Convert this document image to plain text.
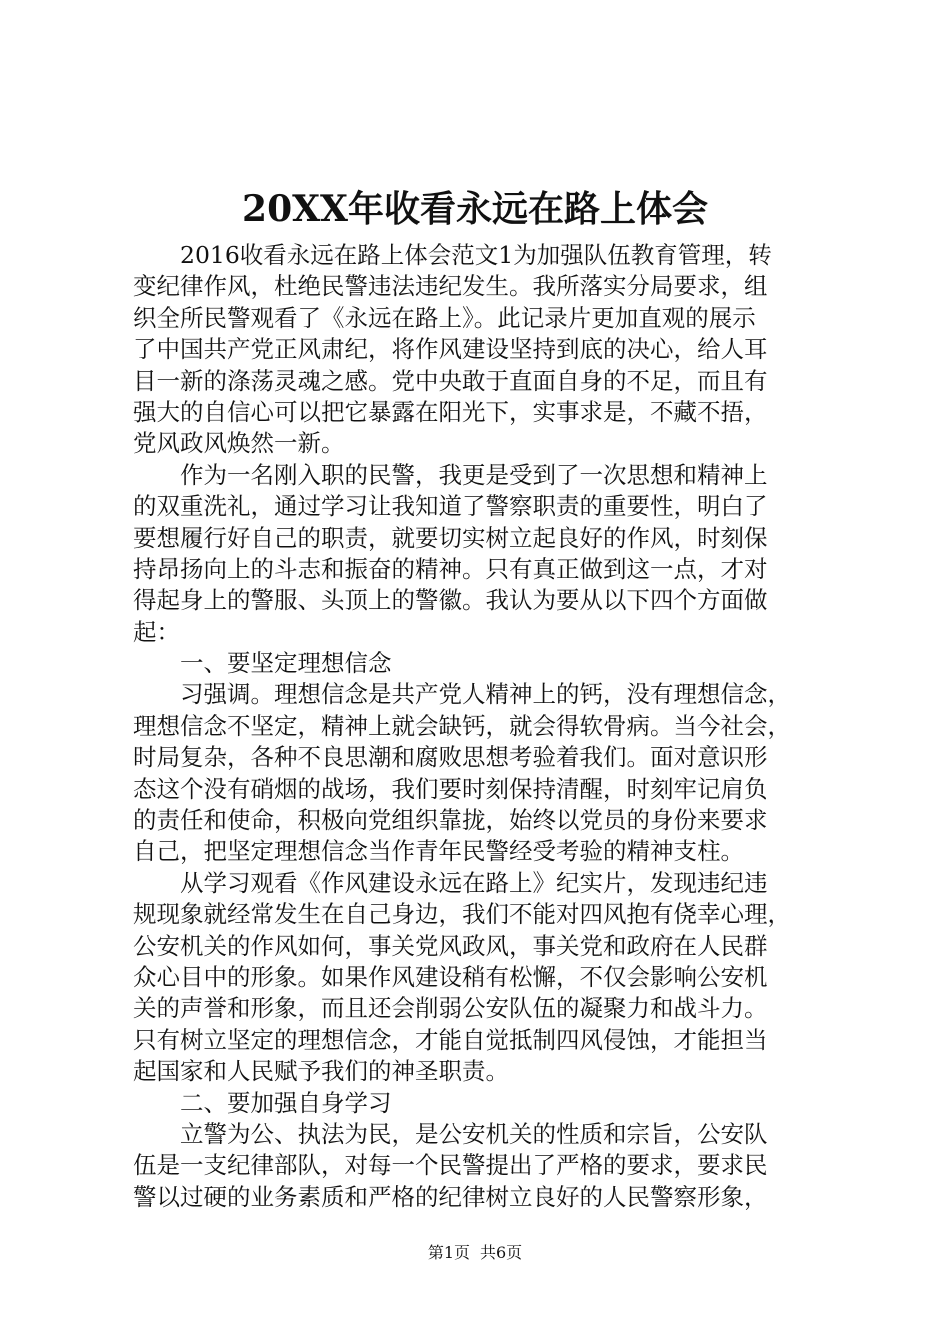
20XX年收看永远在路上体会
　　2016收看永远在路上体会范文1为加强队伍教育管理，转
变纪律作风，杜绝民警违法违纪发生。我所落实分局要求，组
织全所民警观看了《永远在路上》。此记录片更加直观的展示
了中国共产党正风肃纪，将作风建设坚持到底的决心，给人耳
目一新的涤荡灵魂之感。党中央敢于直面自身的不足，而且有
强大的自信心可以把它暴露在阳光下，实事求是，不藏不捂，
党风政风焕然一新。
　　作为一名刚入职的民警，我更是受到了一次思想和精神上
的双重洗礼，通过学习让我知道了警察职责的重要性，明白了
要想履行好自己的职责，就要切实树立起良好的作风，时刻保
持昂扬向上的斗志和振奋的精神。只有真正做到这一点，才对
得起身上的警服、头顶上的警徽。我认为要从以下四个方面做
起：
　　一、要坚定理想信念
　　习强调。理想信念是共产党人精神上的钙，没有理想信念，
理想信念不坚定，精神上就会缺钙，就会得软骨病。当今社会，
时局复杂，各种不良思潮和腐败思想考验着我们。面对意识形
态这个没有硝烟的战场，我们要时刻保持清醒，时刻牢记肩负
的责任和使命，积极向党组织靠拢，始终以党员的身份来要求
自己，把坚定理想信念当作青年民警经受考验的精神支柱。
　　从学习观看《作风建设永远在路上》纪实片，发现违纪违
规现象就经常发生在自己身边，我们不能对四风抱有侥幸心理，
公安机关的作风如何，事关党风政风，事关党和政府在人民群
众心目中的形象。如果作风建设稍有松懈，不仅会影响公安机
关的声誉和形象，而且还会削弱公安队伍的凝聚力和战斗力。
只有树立坚定的理想信念，才能自觉抵制四风侵蚀，才能担当
起国家和人民赋予我们的神圣职责。
　　二、要加强自身学习
　　立警为公、执法为民，是公安机关的性质和宗旨，公安队
伍是一支纪律部队，对每一个民警提出了严格的要求，要求民
警以过硬的业务素质和严格的纪律树立良好的人民警察形象，
第1页 共6页
